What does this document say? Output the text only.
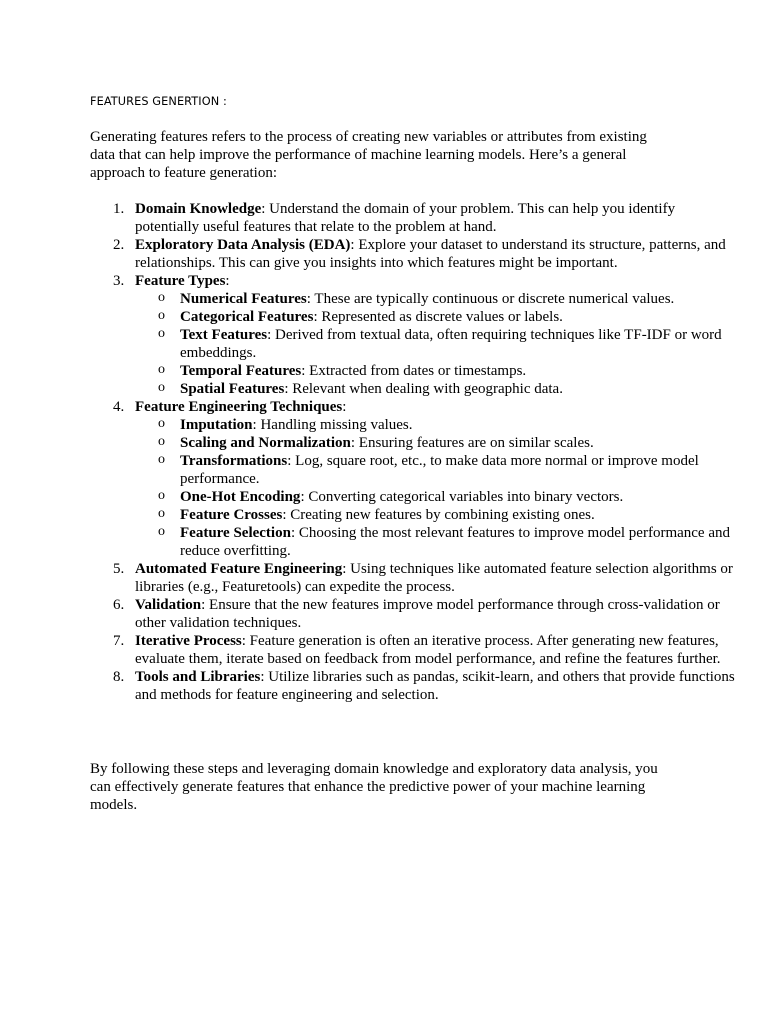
FEATURES GENERTION :

Generating features refers to the process of creating new variables or attributes from existing data that can help improve the performance of machine learning models. Here’s a general approach to feature generation:

1. Domain Knowledge: Understand the domain of your problem. This can help you identify potentially useful features that relate to the problem at hand.
2. Exploratory Data Analysis (EDA): Explore your dataset to understand its structure, patterns, and relationships. This can give you insights into which features might be important.
3. Feature Types:
o Numerical Features: These are typically continuous or discrete numerical values.
o Categorical Features: Represented as discrete values or labels.
o Text Features: Derived from textual data, often requiring techniques like TF-IDF or word embeddings.
o Temporal Features: Extracted from dates or timestamps.
o Spatial Features: Relevant when dealing with geographic data.
4. Feature Engineering Techniques:
o Imputation: Handling missing values.
o Scaling and Normalization: Ensuring features are on similar scales.
o Transformations: Log, square root, etc., to make data more normal or improve model performance.
o One-Hot Encoding: Converting categorical variables into binary vectors.
o Feature Crosses: Creating new features by combining existing ones.
o Feature Selection: Choosing the most relevant features to improve model performance and reduce overfitting.
5. Automated Feature Engineering: Using techniques like automated feature selection algorithms or libraries (e.g., Featuretools) can expedite the process.
6. Validation: Ensure that the new features improve model performance through cross-validation or other validation techniques.
7. Iterative Process: Feature generation is often an iterative process. After generating new features, evaluate them, iterate based on feedback from model performance, and refine the features further.
8. Tools and Libraries: Utilize libraries such as pandas, scikit-learn, and others that provide functions and methods for feature engineering and selection.

By following these steps and leveraging domain knowledge and exploratory data analysis, you can effectively generate features that enhance the predictive power of your machine learning models.
